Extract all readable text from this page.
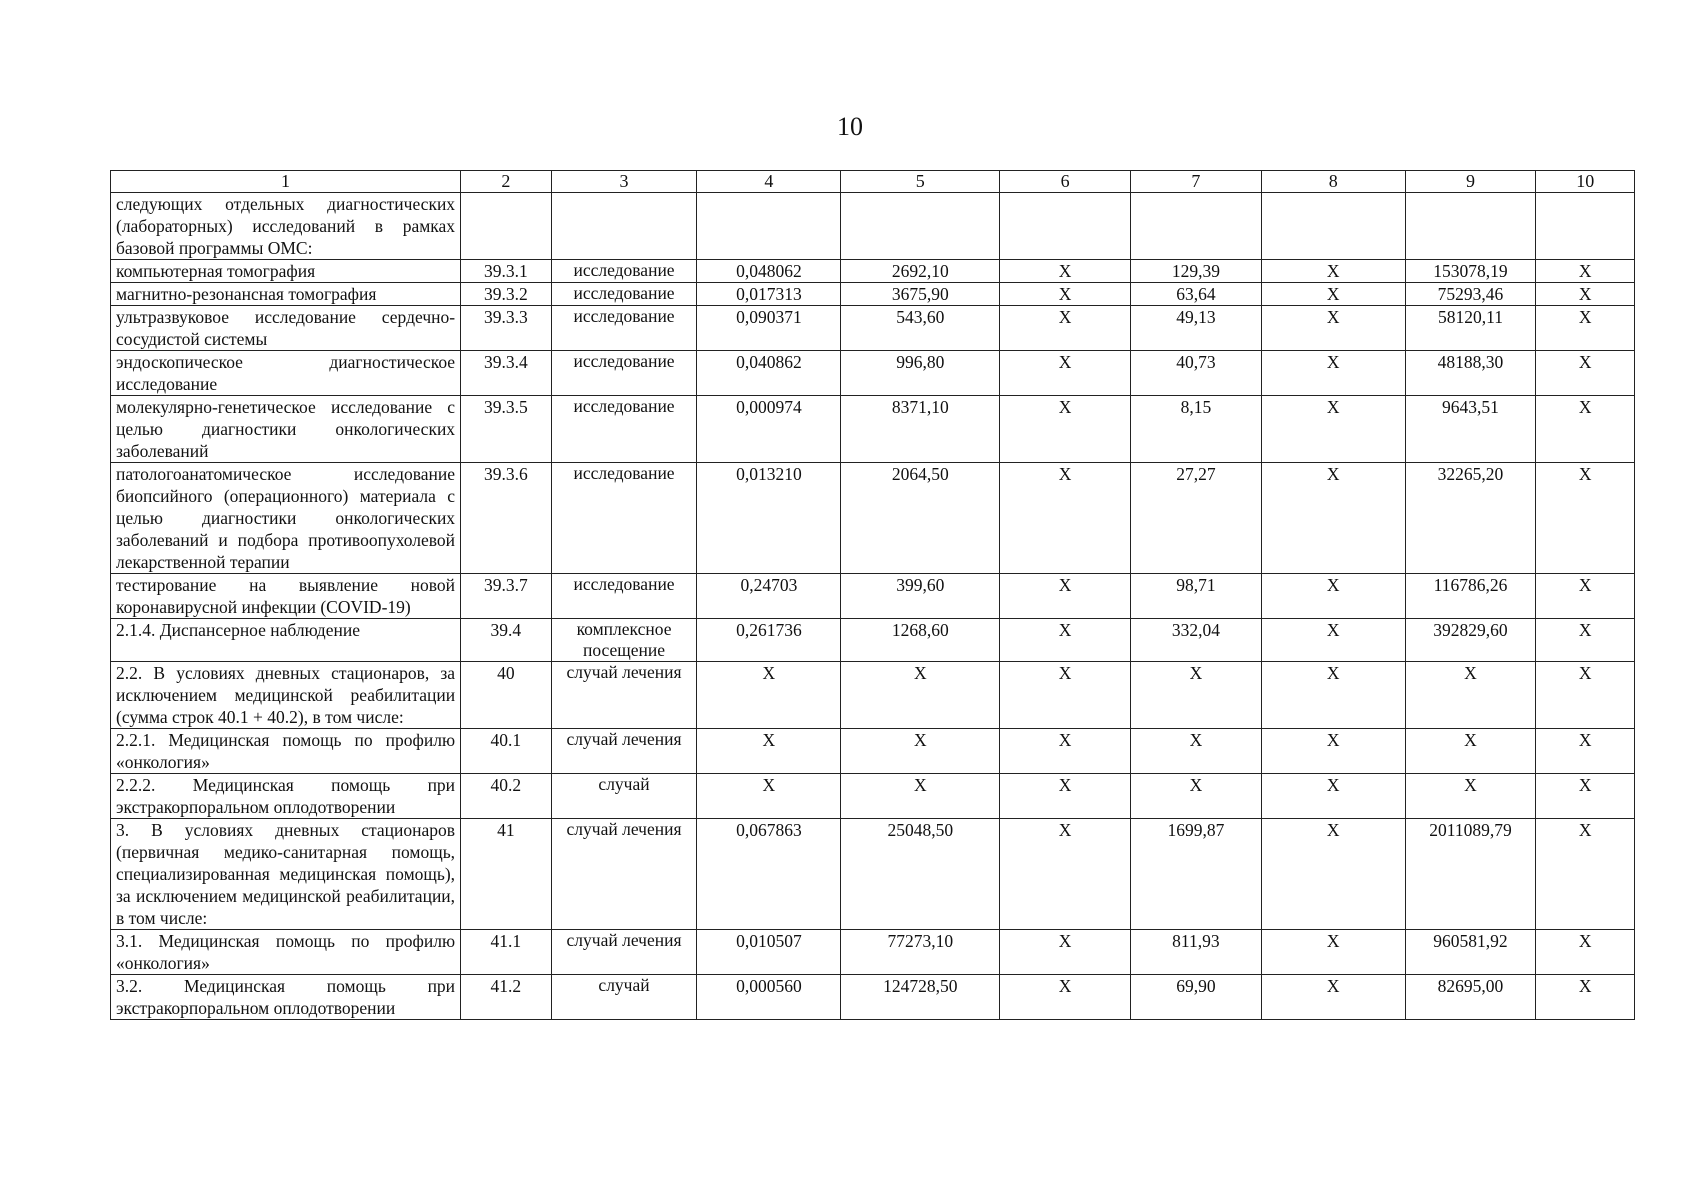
10
1	2	3	4	5	6	7	8	9	10
следующих отдельных диагностических (лабораторных) исследований в рамках базовой программы ОМС:									
компьютерная томография	39.3.1	исследование	0,048062	2692,10	X	129,39	X	153078,19	X
магнитно-резонансная томография	39.3.2	исследование	0,017313	3675,90	X	63,64	X	75293,46	X
ультразвуковое исследование сердечно-сосудистой системы	39.3.3	исследование	0,090371	543,60	X	49,13	X	58120,11	X
эндоскопическое диагностическое исследование	39.3.4	исследование	0,040862	996,80	X	40,73	X	48188,30	X
молекулярно-генетическое исследование с целью диагностики онкологических заболеваний	39.3.5	исследование	0,000974	8371,10	X	8,15	X	9643,51	X
патологоанатомическое исследование биопсийного (операционного) материала с целью диагностики онкологических заболеваний и подбора противоопухолевой лекарственной терапии	39.3.6	исследование	0,013210	2064,50	X	27,27	X	32265,20	X
тестирование на выявление новой коронавирусной инфекции (COVID-19)	39.3.7	исследование	0,24703	399,60	X	98,71	X	116786,26	X
2.1.4. Диспансерное наблюдение	39.4	комплексное посещение	0,261736	1268,60	X	332,04	X	392829,60	X
2.2. В условиях дневных стационаров, за исключением медицинской реабилитации (сумма строк 40.1 + 40.2), в том числе:	40	случай лечения	X	X	X	X	X	X	X
2.2.1. Медицинская помощь по профилю «онкология»	40.1	случай лечения	X	X	X	X	X	X	X
2.2.2. Медицинская помощь при экстракорпоральном оплодотворении	40.2	случай	X	X	X	X	X	X	X
3. В условиях дневных стационаров (первичная медико-санитарная помощь, специализированная медицинская помощь), за исключением медицинской реабилитации, в том числе:	41	случай лечения	0,067863	25048,50	X	1699,87	X	2011089,79	X
3.1. Медицинская помощь по профилю «онкология»	41.1	случай лечения	0,010507	77273,10	X	811,93	X	960581,92	X
3.2. Медицинская помощь при экстракорпоральном оплодотворении	41.2	случай	0,000560	124728,50	X	69,90	X	82695,00	X
